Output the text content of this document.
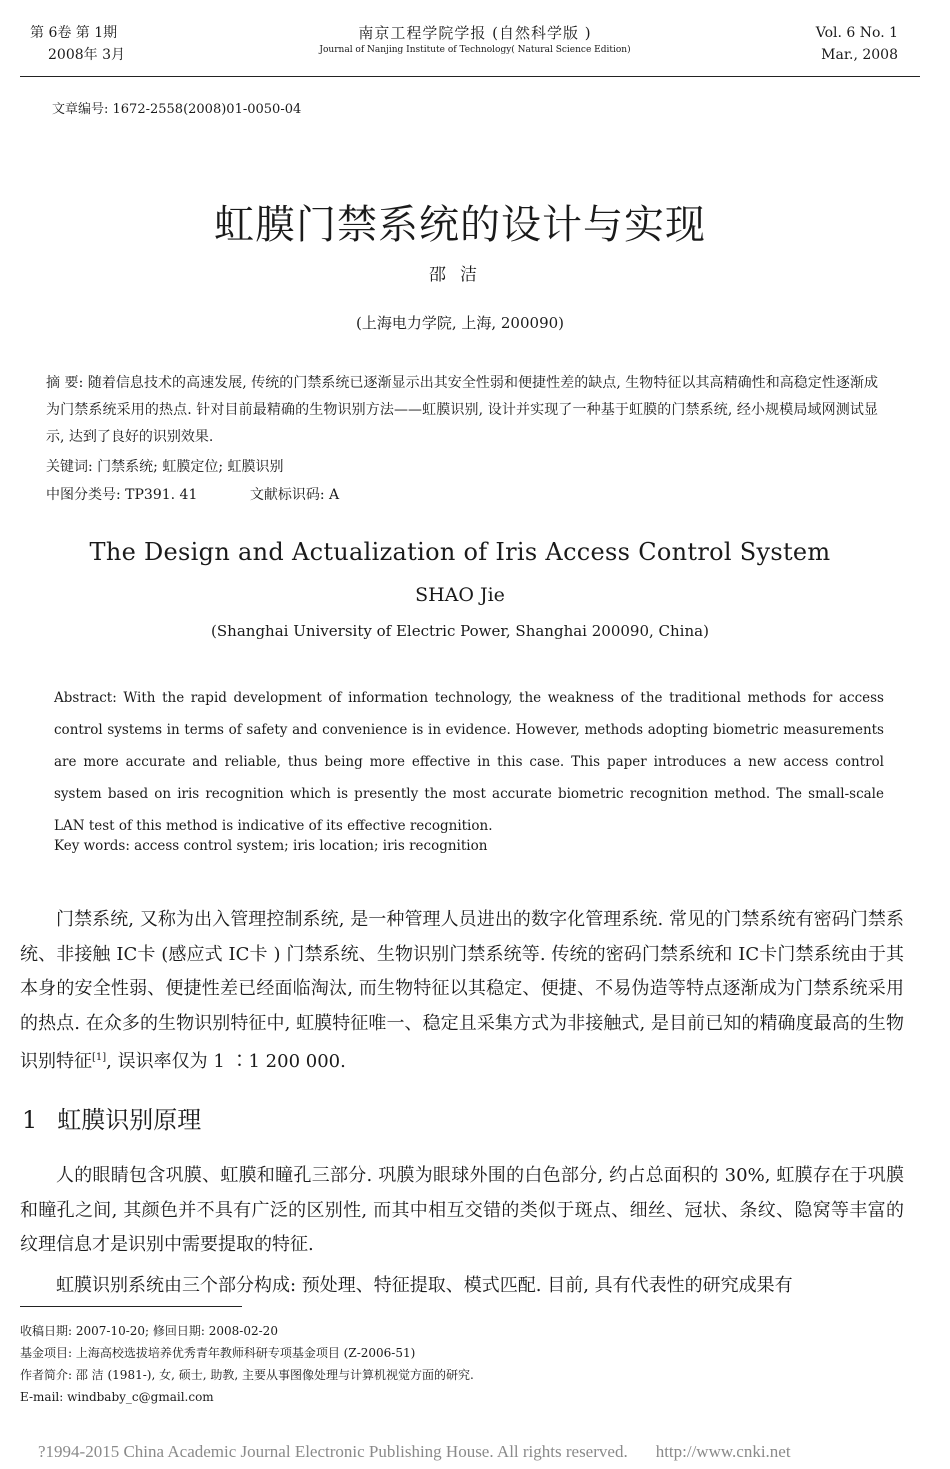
第 6卷 第 1期
2008年 3月
南京工程学院学报 (自然科学版 )
Journal of Nanjing Institute of Technology( Natural Science Edition)
Vol. 6 No. 1
Mar., 2008
文章编号: 1672-2558(2008)01-0050-04
虹膜门禁系统的设计与实现
邵洁
(上海电力学院, 上海, 200090)
摘 要: 随着信息技术的高速发展, 传统的门禁系统已逐渐显示出其安全性弱和便捷性差的缺点, 生物特征以其高精确性和高稳定性逐渐成为门禁系统采用的热点. 针对目前最精确的生物识别方法——虹膜识别, 设计并实现了一种基于虹膜的门禁系统, 经小规模局域网测试显示, 达到了良好的识别效果.
关键词: 门禁系统; 虹膜定位; 虹膜识别
中图分类号: TP391. 41	文献标识码: A
The Design and Actualization of Iris Access Control System
SHAO Jie
(Shanghai University of Electric Power, Shanghai 200090, China)
Abstract: With the rapid development of information technology, the weakness of the traditional methods for access control systems in terms of safety and convenience is in evidence. However, methods adopting biometric measurements are more accurate and reliable, thus being more effective in this case. This paper introduces a new access control system based on iris recognition which is presently the most accurate biometric recognition method. The small-scale LAN test of this method is indicative of its effective recognition.
Key words: access control system; iris location; iris recognition

门禁系统, 又称为出入管理控制系统, 是一种管理人员进出的数字化管理系统. 常见的门禁系统有密码门禁系统、非接触 IC卡 (感应式 IC卡 ) 门禁系统、生物识别门禁系统等. 传统的密码门禁系统和 IC卡门禁系统由于其本身的安全性弱、便捷性差已经面临淘汰, 而生物特征以其稳定、便捷、不易伪造等特点逐渐成为门禁系统采用的热点. 在众多的生物识别特征中, 虹膜特征唯一、稳定且采集方式为非接触式, 是目前已知的精确度最高的生物识别特征[1], 误识率仅为 1 ∶1 200 000.

1 虹膜识别原理

人的眼睛包含巩膜、虹膜和瞳孔三部分. 巩膜为眼球外围的白色部分, 约占总面积的 30%, 虹膜存在于巩膜和瞳孔之间, 其颜色并不具有广泛的区别性, 而其中相互交错的类似于斑点、细丝、冠状、条纹、隐窝等丰富的纹理信息才是识别中需要提取的特征.

虹膜识别系统由三个部分构成: 预处理、特征提取、模式匹配. 目前, 具有代表性的研究成果有

收稿日期: 2007-10-20; 修回日期: 2008-02-20
基金项目: 上海高校选拔培养优秀青年教师科研专项基金项目 (Z-2006-51)
作者简介: 邵 洁 (1981-), 女, 硕士, 助教, 主要从事图像处理与计算机视觉方面的研究.
E-mail: windbaby_c@gmail.com
?1994-2015 China Academic Journal Electronic Publishing House. All rights reserved. http://www.cnki.net
